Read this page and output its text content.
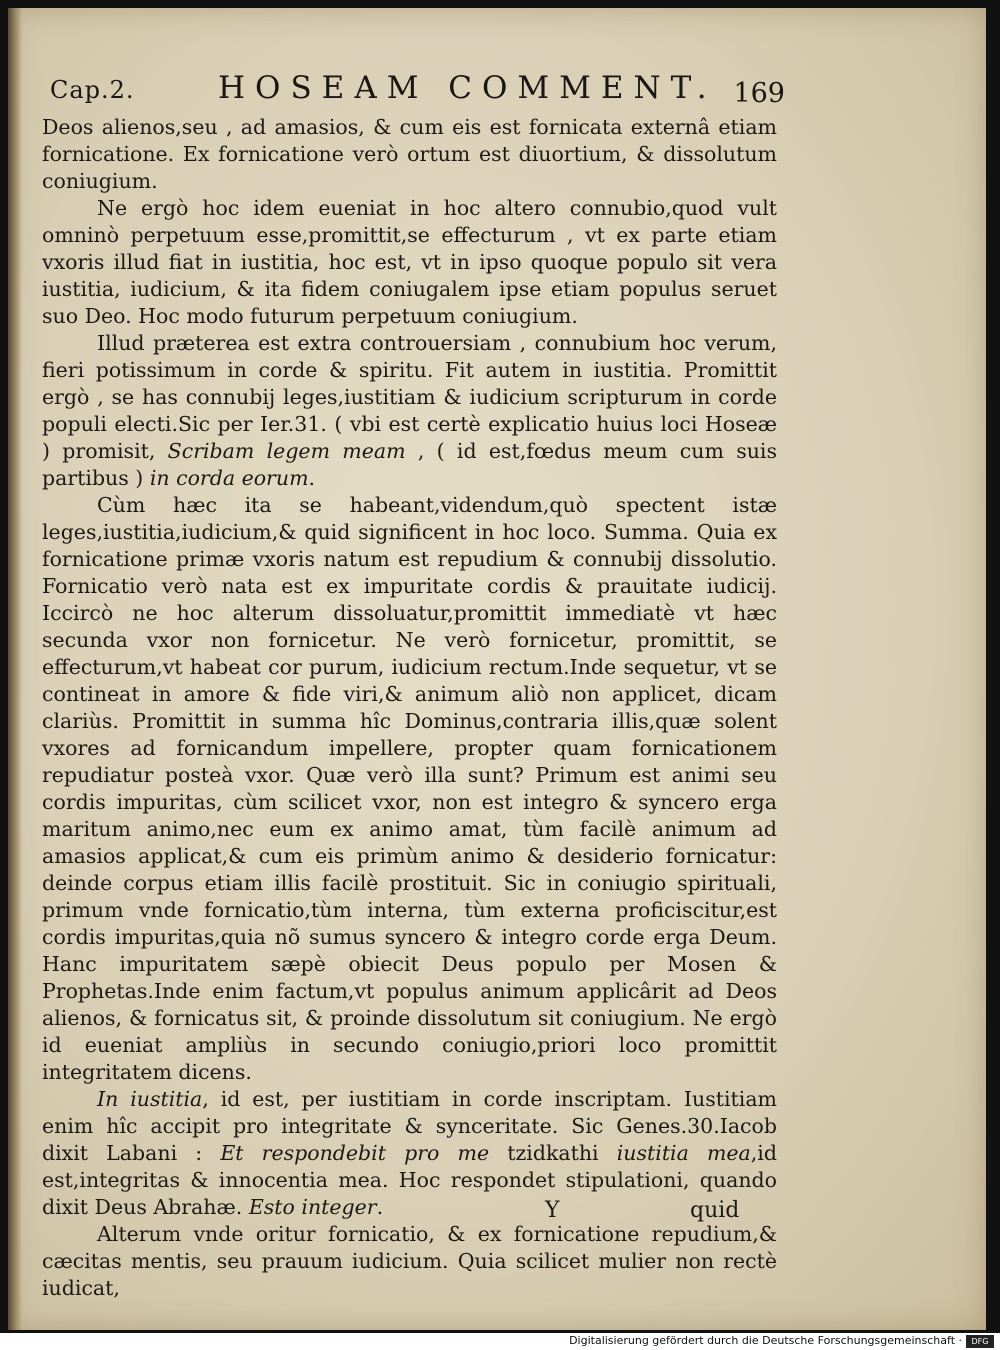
Cap.2.	HOSEAM COMMENT. 169

Deos alienos,seu , ad amasios, & cum eis est fornicata externâ etiam fornicatione. Ex fornicatione verò ortum est diuortium, & dissolutum coniugium.

Ne ergò hoc idem eueniat in hoc altero connubio,quod vult omninò perpetuum esse,promittit,se effecturum , vt ex parte etiam vxoris illud fiat in iustitia, hoc est, vt in ipso quoque populo sit vera iustitia, iudicium, & ita fidem coniugalem ipse etiam populus seruet suo Deo. Hoc modo futurum perpetuum coniugium.

Illud præterea est extra controuersiam , connubium hoc verum, fieri potissimum in corde & spiritu. Fit autem in iustitia. Promittit ergò , se has connubij leges,iustitiam & iudicium scripturum in corde populi electi.Sic per Ier.31. ( vbi est certè explicatio huius loci Hoseæ ) promisit, Scribam legem meam , ( id est,fœdus meum cum suis partibus ) in corda eorum.

Cùm hæc ita se habeant,videndum,quò spectent istæ leges,iustitia,iudicium,& quid significent in hoc loco. Summa. Quia ex fornicatione primæ vxoris natum est repudium & connubij dissolutio. Fornicatio verò nata est ex impuritate cordis & prauitate iudicij. Iccircò ne hoc alterum dissoluatur,promittit immediatè vt hæc secunda vxor non fornicetur. Ne verò fornicetur, promittit, se effecturum,vt habeat cor purum, iudicium rectum.Inde sequetur, vt se contineat in amore & fide viri,& animum aliò non applicet, dicam clariùs. Promittit in summa hîc Dominus,contraria illis,quæ solent vxores ad fornicandum impellere, propter quam fornicationem repudiatur posteà vxor. Quæ verò illa sunt? Primum est animi seu cordis impuritas, cùm scilicet vxor, non est integro & syncero erga maritum animo,nec eum ex animo amat, tùm facilè animum ad amasios applicat,& cum eis primùm animo & desiderio fornicatur: deinde corpus etiam illis facilè prostituit. Sic in coniugio spirituali, primum vnde fornicatio,tùm interna, tùm externa proficiscitur,est cordis impuritas,quia nõ sumus syncero & integro corde erga Deum. Hanc impuritatem sæpè obiecit Deus populo per Mosen & Prophetas.Inde enim factum,vt populus animum applicârit ad Deos alienos, & fornicatus sit, & proinde dissolutum sit coniugium. Ne ergò id eueniat ampliùs in secundo coniugio,priori loco promittit integritatem dicens.

In iustitia, id est, per iustitiam in corde inscriptam. Iustitiam enim hîc accipit pro integritate & synceritate. Sic Genes.30.Iacob dixit Labani : Et respondebit pro me tzidkathi iustitia mea,id est,integritas & innocentia mea. Hoc respondet stipulationi, quando dixit Deus Abrahæ. Esto integer.

Alterum vnde oritur fornicatio, & ex fornicatione repudium,& cæcitas mentis, seu prauum iudicium. Quia scilicet mulier non rectè iudicat,

Y	quid
Digitalisierung gefördert durch die Deutsche Forschungsgemeinschaft ·	DFG
